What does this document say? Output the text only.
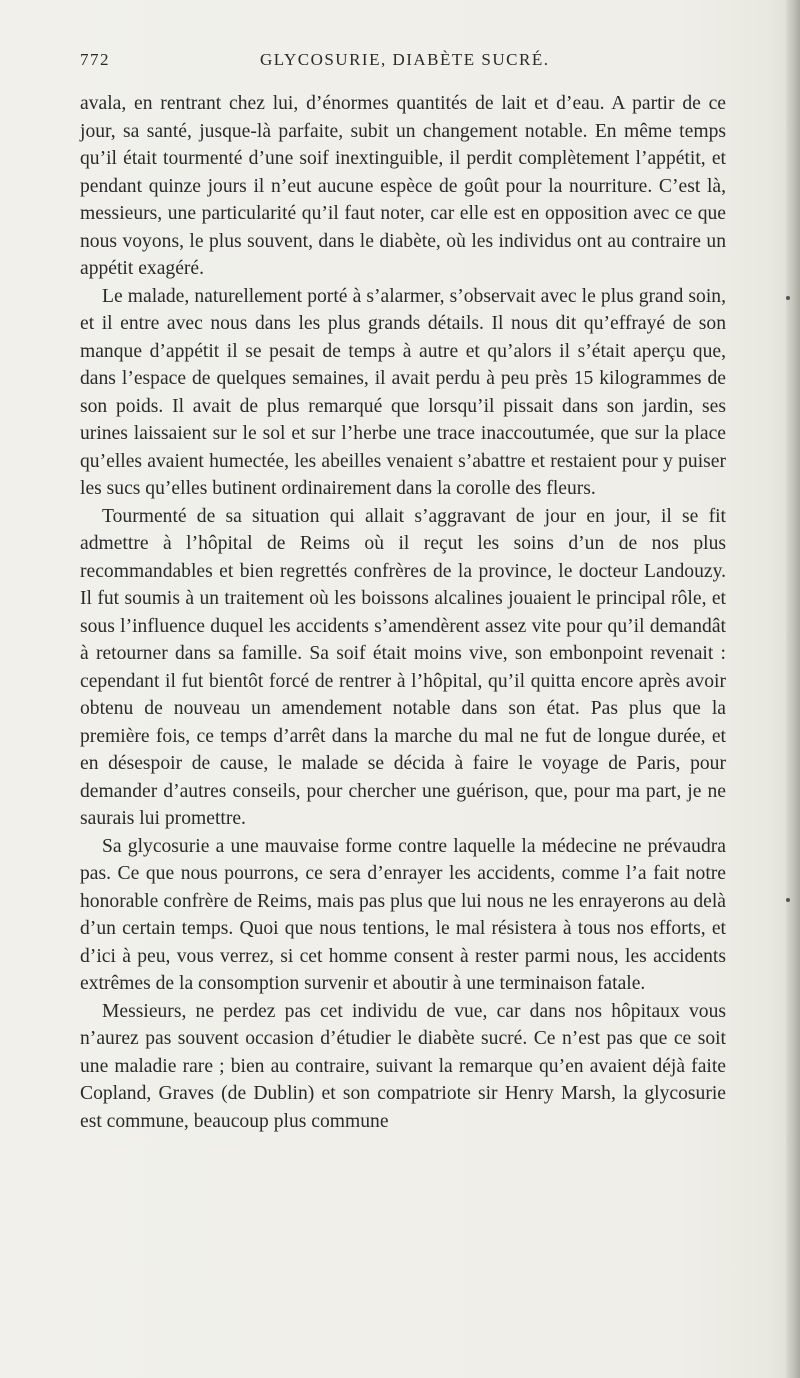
772	GLYCOSURIE, DIABÈTE SUCRÉ.

avala, en rentrant chez lui, d’énormes quantités de lait et d’eau. A partir de ce jour, sa santé, jusque-là parfaite, subit un changement notable. En même temps qu’il était tourmenté d’une soif inextinguible, il perdit complètement l’appétit, et pendant quinze jours il n’eut aucune espèce de goût pour la nourriture. C’est là, messieurs, une particularité qu’il faut noter, car elle est en opposition avec ce que nous voyons, le plus souvent, dans le diabète, où les individus ont au contraire un appétit exagéré.

Le malade, naturellement porté à s’alarmer, s’observait avec le plus grand soin, et il entre avec nous dans les plus grands détails. Il nous dit qu’effrayé de son manque d’appétit il se pesait de temps à autre et qu’alors il s’était aperçu que, dans l’espace de quelques semaines, il avait perdu à peu près 15 kilogrammes de son poids. Il avait de plus remarqué que lorsqu’il pissait dans son jardin, ses urines laissaient sur le sol et sur l’herbe une trace inaccoutumée, que sur la place qu’elles avaient humectée, les abeilles venaient s’abattre et restaient pour y puiser les sucs qu’elles butinent ordinairement dans la corolle des fleurs.

Tourmenté de sa situation qui allait s’aggravant de jour en jour, il se fit admettre à l’hôpital de Reims où il reçut les soins d’un de nos plus recommandables et bien regrettés confrères de la province, le docteur Landouzy. Il fut soumis à un traitement où les boissons alcalines jouaient le principal rôle, et sous l’influence duquel les accidents s’amendèrent assez vite pour qu’il demandât à retourner dans sa famille. Sa soif était moins vive, son embonpoint revenait : cependant il fut bientôt forcé de rentrer à l’hôpital, qu’il quitta encore après avoir obtenu de nouveau un amendement notable dans son état. Pas plus que la première fois, ce temps d’arrêt dans la marche du mal ne fut de longue durée, et en désespoir de cause, le malade se décida à faire le voyage de Paris, pour demander d’autres conseils, pour chercher une guérison, que, pour ma part, je ne saurais lui promettre.

Sa glycosurie a une mauvaise forme contre laquelle la médecine ne prévaudra pas. Ce que nous pourrons, ce sera d’enrayer les accidents, comme l’a fait notre honorable confrère de Reims, mais pas plus que lui nous ne les enrayerons au delà d’un certain temps. Quoi que nous tentions, le mal résistera à tous nos efforts, et d’ici à peu, vous verrez, si cet homme consent à rester parmi nous, les accidents extrêmes de la consomption survenir et aboutir à une terminaison fatale.

Messieurs, ne perdez pas cet individu de vue, car dans nos hôpitaux vous n’aurez pas souvent occasion d’étudier le diabète sucré. Ce n’est pas que ce soit une maladie rare ; bien au contraire, suivant la remarque qu’en avaient déjà faite Copland, Graves (de Dublin) et son compatriote sir Henry Marsh, la glycosurie est commune, beaucoup plus commune
